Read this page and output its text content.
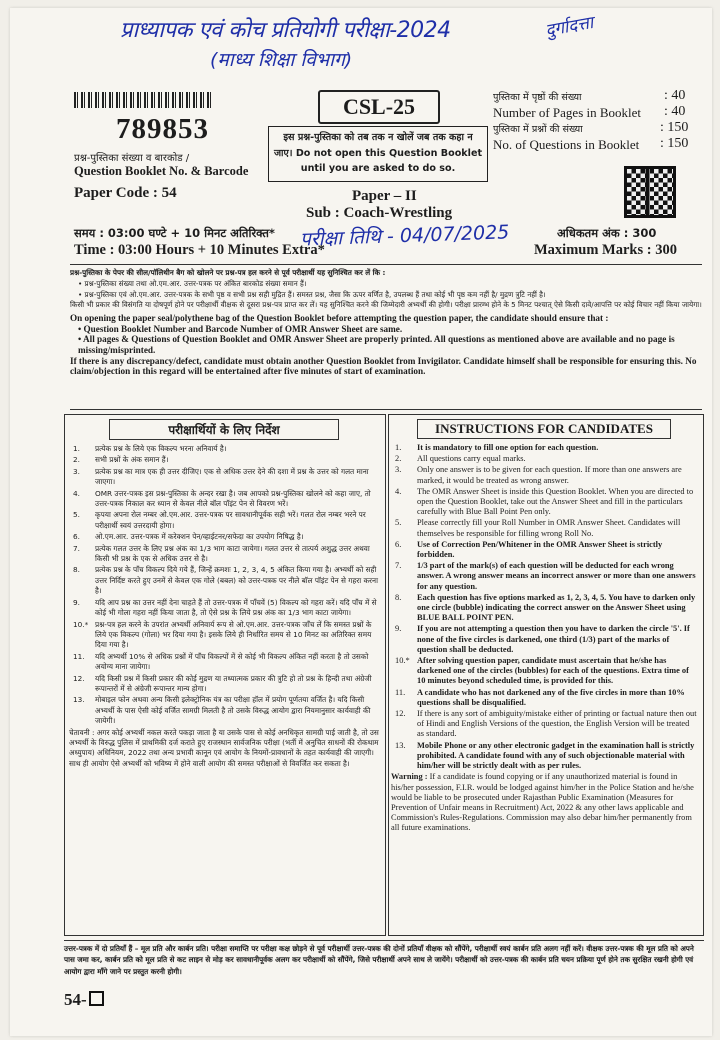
प्राध्यापक एवं कोच प्रतियोगी परीक्षा-2024
(माध्य शिक्षा विभाग)
दुर्गादत्ता
789853
प्रश्न-पुस्तिका संख्या व बारकोड /
Question Booklet No. & Barcode
Paper Code : 54
CSL-25
इस प्रश्न-पुस्तिका को तब तक न खोलें जब तक कहा न जाए। Do not open this Question Booklet until you are asked to do so.
पुस्तिका में पृष्ठों की संख्या	: 40
Number of Pages in Booklet : 40
पुस्तिका में प्रश्नों की संख्या	: 150
No. of Questions in Booklet : 150
Paper – II
Sub : Coach-Wrestling
समय : 03:00 घण्टे + 10 मिनट अतिरिक्त*
Time : 03:00 Hours + 10 Minutes Extra*
परीक्षा तिथि - 04/07/2025	अधिकतम अंक : 300
Maximum Marks : 300
प्रश्न-पुस्तिका के पेपर की सील/पॉलिथीन बैग को खोलने पर प्रश्न-पत्र हल करने से पूर्व परीक्षार्थी यह सुनिश्चित कर लें कि :
• प्रश्न-पुस्तिका संख्या तथा ओ.एम.आर. उत्तर-पत्रक पर अंकित बारकोड संख्या समान हैं।
• प्रश्न-पुस्तिका एवं ओ.एम.आर. उत्तर-पत्रक के सभी पृष्ठ व सभी प्रश्न सही मुद्रित हैं। समस्त प्रश्न, जैसा कि ऊपर वर्णित है, उपलब्ध हैं तथा कोई भी पृष्ठ कम नहीं है/ मुद्रण त्रुटि नहीं है।
किसी भी प्रकार की विसंगति या दोषपूर्ण होने पर परीक्षार्थी वीक्षक से दूसरा प्रश्न-पत्र प्राप्त कर लें। यह सुनिश्चित करने की जिम्मेदारी अभ्यर्थी की होगी। परीक्षा प्रारम्भ होने के 5 मिनट पश्चात् ऐसे किसी दावे/आपत्ति पर कोई विचार नहीं किया जायेगा।
On opening the paper seal/polythene bag of the Question Booklet before attempting the question paper, the candidate should ensure that :
• Question Booklet Number and Barcode Number of OMR Answer Sheet are same.
• All pages & Questions of Question Booklet and OMR Answer Sheet are properly printed. All questions as mentioned above are available and no page is missing/misprinted.
If there is any discrepancy/defect, candidate must obtain another Question Booklet from Invigilator. Candidate himself shall be responsible for ensuring this. No claim/objection in this regard will be entertained after five minutes of start of examination.
परीक्षार्थियों के लिए निर्देश
1. प्रत्येक प्रश्न के लिये एक विकल्प भरना अनिवार्य है।
2. सभी प्रश्नों के अंक समान हैं।
3. प्रत्येक प्रश्न का मात्र एक ही उत्तर दीजिए। एक से अधिक उत्तर देने की दशा में प्रश्न के उत्तर को गलत माना जाएगा।
4. OMR उत्तर-पत्रक इस प्रश्न-पुस्तिका के अन्दर रखा है। जब आपको प्रश्न-पुस्तिका खोलने को कहा जाए, तो उत्तर-पत्रक निकाल कर ध्यान से केवल नीले बॉल पॉइंट पेन से विवरण भरें।
5. कृपया अपना रोल नम्बर ओ.एम.आर. उत्तर-पत्रक पर सावधानीपूर्वक सही भरें। गलत रोल नम्बर भरने पर परीक्षार्थी स्वयं उत्तरदायी होगा।
6. ओ.एम.आर. उत्तर-पत्रक में करेक्शन पेन/व्हाईटनर/सफेदा का उपयोग निषिद्ध है।
7. प्रत्येक गलत उत्तर के लिए प्रश्न अंक का 1/3 भाग काटा जायेगा। गलत उत्तर से तात्पर्य अशुद्ध उत्तर अथवा किसी भी प्रश्न के एक से अधिक उत्तर से है।
8. प्रत्येक प्रश्न के पाँच विकल्प दिये गये हैं, जिन्हें क्रमशः 1, 2, 3, 4, 5 अंकित किया गया है। अभ्यर्थी को सही उत्तर निर्दिष्ट करते हुए उनमें से केवल एक गोले (बबल) को उत्तर-पत्रक पर नीले बॉल पॉइंट पेन से गहरा करना है।
9. यदि आप प्रश्न का उत्तर नहीं देना चाहते हैं तो उत्तर-पत्रक में पाँचवें (5) विकल्प को गहरा करें। यदि पाँच में से कोई भी गोला गहरा नहीं किया जाता है, तो ऐसे प्रश्न के लिये प्रश्न अंक का 1/3 भाग काटा जायेगा।
10.* प्रश्न-पत्र हल करने के उपरांत अभ्यर्थी अनिवार्य रूप से ओ.एम.आर. उत्तर-पत्रक जाँच लें कि समस्त प्रश्नों के लिये एक विकल्प (गोला) भर दिया गया है। इसके लिये ही निर्धारित समय से 10 मिनट का अतिरिक्त समय दिया गया है।
11. यदि अभ्यर्थी 10% से अधिक प्रश्नों में पाँच विकल्पों में से कोई भी विकल्प अंकित नहीं करता है तो उसको अयोग्य माना जायेगा।
12. यदि किसी प्रश्न में किसी प्रकार की कोई मुद्रण या तथ्यात्मक प्रकार की त्रुटि हो तो प्रश्न के हिन्दी तथा अंग्रेजी रूपान्तरों में से अंग्रेजी रूपान्तर मान्य होगा।
13. मोबाइल फोन अथवा अन्य किसी इलेक्ट्रोनिक यंत्र का परीक्षा हॉल में प्रयोग पूर्णतया वर्जित है। यदि किसी अभ्यर्थी के पास ऐसी कोई वर्जित सामग्री मिलती है तो उसके विरुद्ध आयोग द्वारा नियमानुसार कार्यवाही की जायेगी।
चेतावनी : अगर कोई अभ्यर्थी नकल करते पकड़ा जाता है या उसके पास से कोई अनधिकृत सामग्री पाई जाती है, तो उस अभ्यर्थी के विरुद्ध पुलिस में प्राथमिकी दर्ज कराते हुए राजस्थान सार्वजनिक परीक्षा (भर्ती में अनुचित साधनों की रोकथाम अध्युपाय) अधिनियम, 2022 तथा अन्य प्रभावी कानून एवं आयोग के नियमों-प्रावधानों के तहत कार्यवाही की जाएगी। साथ ही आयोग ऐसे अभ्यर्थी को भविष्य में होने वाली आयोग की समस्त परीक्षाओं से विवर्जित कर सकता है।
INSTRUCTIONS FOR CANDIDATES
1. It is mandatory to fill one option for each question.
2. All questions carry equal marks.
3. Only one answer is to be given for each question. If more than one answers are marked, it would be treated as wrong answer.
4. The OMR Answer Sheet is inside this Question Booklet. When you are directed to open the Question Booklet, take out the Answer Sheet and fill in the particulars carefully with Blue Ball Point Pen only.
5. Please correctly fill your Roll Number in OMR Answer Sheet. Candidates will themselves be responsible for filling wrong Roll No.
6. Use of Correction Pen/Whitener in the OMR Answer Sheet is strictly forbidden.
7. 1/3 part of the mark(s) of each question will be deducted for each wrong answer. A wrong answer means an incorrect answer or more than one answers for any question.
8. Each question has five options marked as 1, 2, 3, 4, 5. You have to darken only one circle (bubble) indicating the correct answer on the Answer Sheet using BLUE BALL POINT PEN.
9. If you are not attempting a question then you have to darken the circle '5'. If none of the five circles is darkened, one third (1/3) part of the marks of question shall be deducted.
10.* After solving question paper, candidate must ascertain that he/she has darkened one of the circles (bubbles) for each of the questions. Extra time of 10 minutes beyond scheduled time, is provided for this.
11. A candidate who has not darkened any of the five circles in more than 10% questions shall be disqualified.
12. If there is any sort of ambiguity/mistake either of printing or factual nature then out of Hindi and English Versions of the question, the English Version will be treated as standard.
13. Mobile Phone or any other electronic gadget in the examination hall is strictly prohibited. A candidate found with any of such objectionable material with him/her will be strictly dealt with as per rules.
Warning : If a candidate is found copying or if any unauthorized material is found in his/her possession, F.I.R. would be lodged against him/her in the Police Station and he/she would be liable to be prosecuted under Rajasthan Public Examination (Measures for Prevention of Unfair means in Recruitment) Act, 2022 & any other laws applicable and Commission's Rules-Regulations. Commission may also debar him/her permanently from all future examinations.
उत्तर-पत्रक में दो प्रतियाँ हैं – मूल प्रति और कार्बन प्रति। परीक्षा समाप्ति पर परीक्षा कक्ष छोड़ने से पूर्व परीक्षार्थी उत्तर-पत्रक की दोनों प्रतियाँ वीक्षक को सौंपेंगे, परीक्षार्थी स्वयं कार्बन प्रति अलग नहीं करें। वीक्षक उत्तर-पत्रक की मूल प्रति को अपने पास जमा कर, कार्बन प्रति को मूल प्रति से कट लाइन से मोड़ कर सावधानीपूर्वक अलग कर परीक्षार्थी को सौंपेंगे, जिसे परीक्षार्थी अपने साथ ले जायेंगे। परीक्षार्थी को उत्तर-पत्रक की कार्बन प्रति चयन प्रक्रिया पूर्ण होने तक सुरक्षित रखनी होगी एवं आयोग द्वारा माँगे जाने पर प्रस्तुत करनी होगी।
54-
